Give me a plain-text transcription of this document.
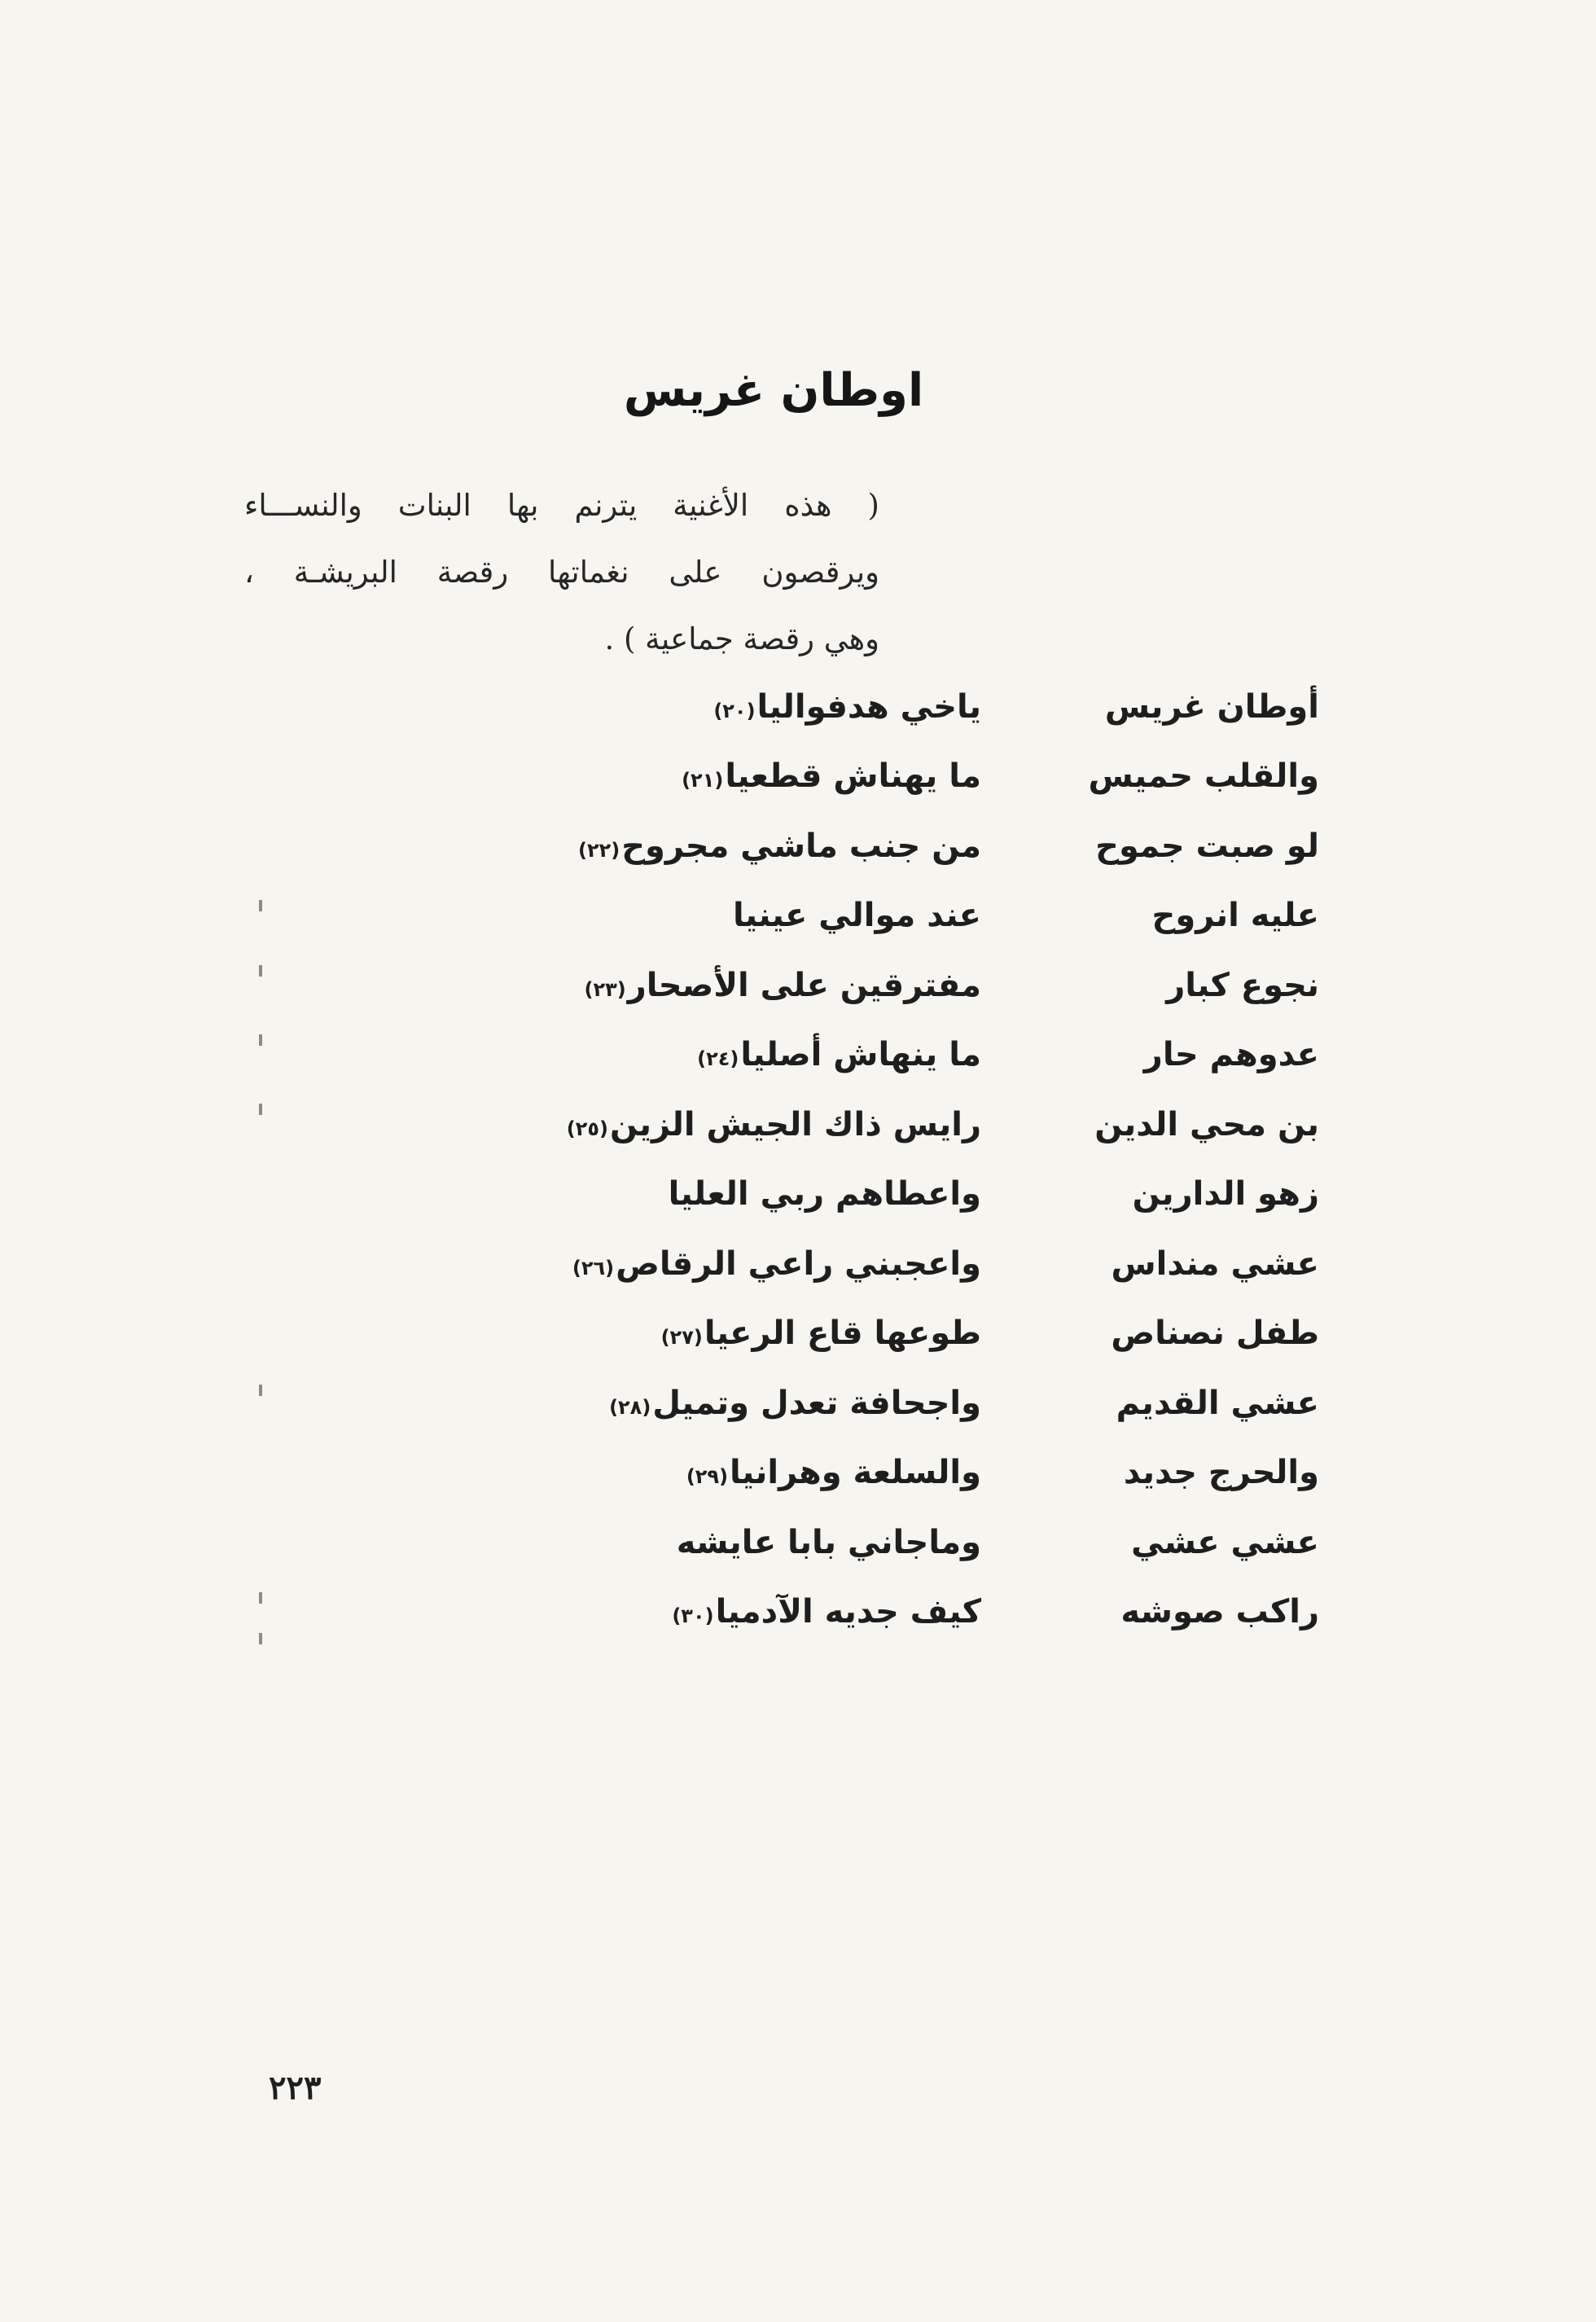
اوطان غريس
( هذه الأغنية يترنم بها البنات والنســـاء
ويرقصون على نغماتها رقصة البريشـة ،
وهي رقصة جماعية ) .
أوطان غريس
ياخي هدفواليا(٢٠)
والقلب حميس
ما يهناش قطعيا(٢١)
لو صبت جموح
من جنب ماشي مجروح(٢٢)
عليه انروح
عند موالي عينيا
نجوع كبار
مفترقين على الأصحار(٢٣)
عدوهم حار
ما ينهاش أصليا(٢٤)
بن محي الدين
رايس ذاك الجيش الزين(٢٥)
زهو الدارين
واعطاهم ربي العليا
عشي منداس
واعجبني راعي الرقاص(٢٦)
طفل نصناص
طوعها قاع الرعيا(٢٧)
عشي القديم
واجحافة تعدل وتميل(٢٨)
والحرج جديد
والسلعة وهرانيا(٢٩)
عشي عشي
وماجاني بابا عايشه
راكب صوشه
كيف جديه الآدميا(٣٠)
٢٢٣
